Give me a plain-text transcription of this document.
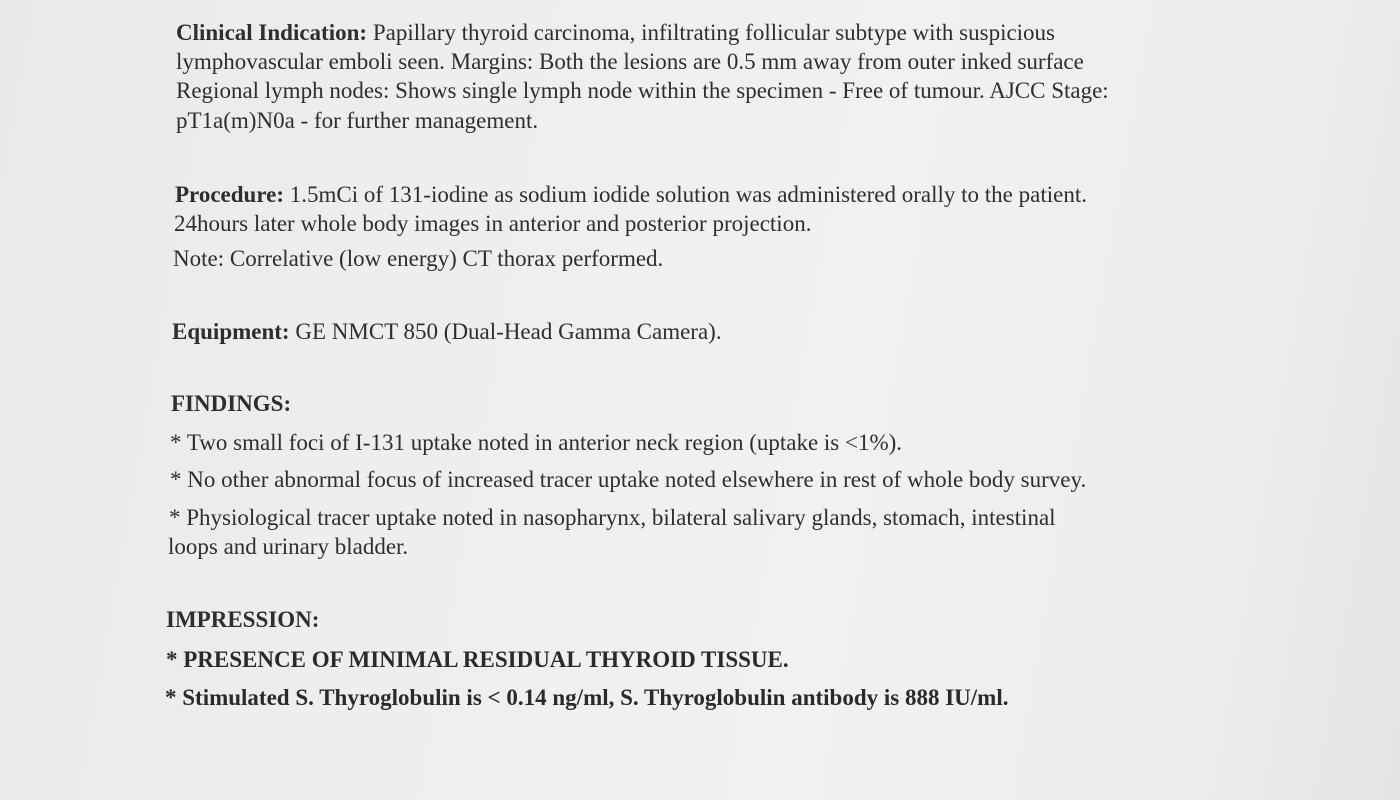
Clinical Indication: Papillary thyroid carcinoma, infiltrating follicular subtype with suspicious
lymphovascular emboli seen. Margins: Both the lesions are 0.5 mm away from outer inked surface
Regional lymph nodes: Shows single lymph node within the specimen - Free of tumour. AJCC Stage:
pT1a(m)N0a - for further management.
Procedure: 1.5mCi of 131-iodine as sodium iodide solution was administered orally to the patient.
24hours later whole body images in anterior and posterior projection.
Note: Correlative (low energy) CT thorax performed.
Equipment: GE NMCT 850 (Dual-Head Gamma Camera).
FINDINGS:
* Two small foci of I-131 uptake noted in anterior neck region (uptake is <1%).
* No other abnormal focus of increased tracer uptake noted elsewhere in rest of whole body survey.
* Physiological tracer uptake noted in nasopharynx, bilateral salivary glands, stomach, intestinal
loops and urinary bladder.
IMPRESSION:
* PRESENCE OF MINIMAL RESIDUAL THYROID TISSUE.
* Stimulated S. Thyroglobulin is < 0.14 ng/ml, S. Thyroglobulin antibody is 888 IU/ml.
